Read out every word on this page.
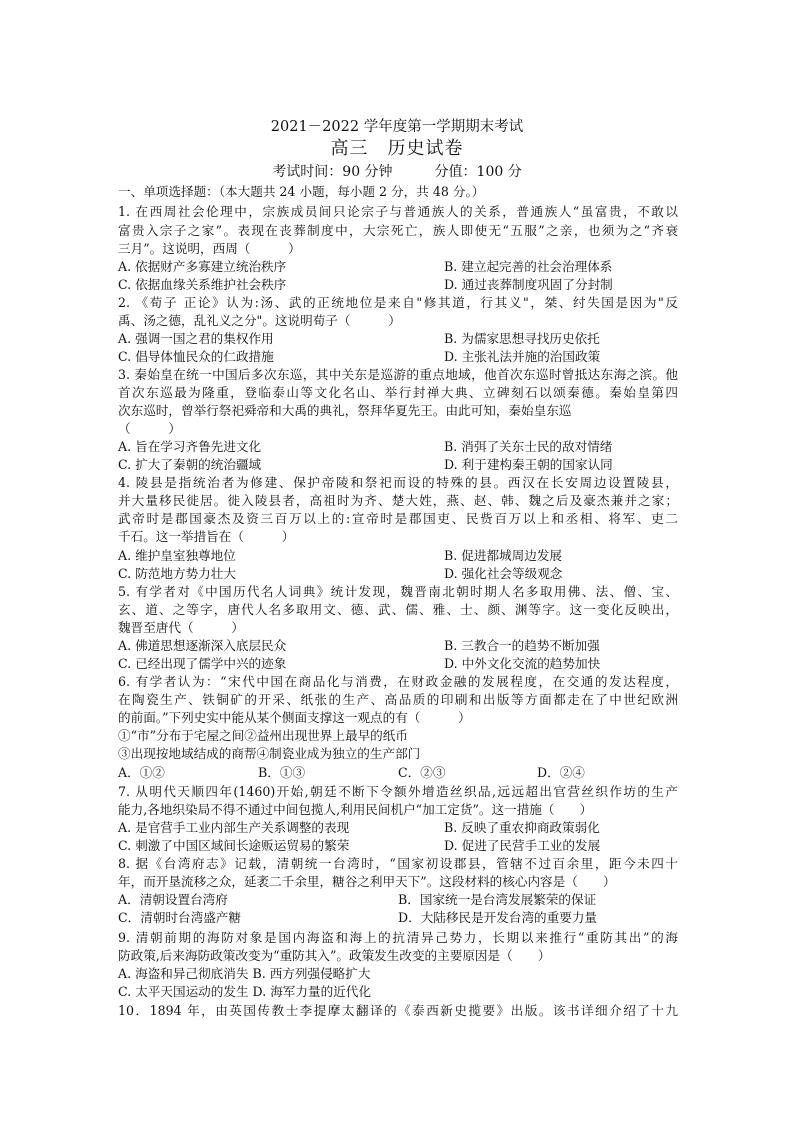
2021－2022 学年度第一学期期末考试
高三　历史试卷
考试时间：90 分钟　　　分值：100 分
一、单项选择题：（本大题共 24 小题，每小题 2 分，共 48 分。）
1. 在西周社会伦理中，宗族成员间只论宗子与普通族人的关系，普通族人“虽富贵，不敢以
富贵入宗子之家”。表现在丧葬制度中，大宗死亡，族人即使无“五服”之亲，也须为之“齐衰
三月”。这说明，西周（　　　）
A. 依据财产多寡建立统治秩序	B. 建立起完善的社会治理体系
C. 依据血缘关系维护社会秩序	D. 通过丧葬制度巩固了分封制
2. 《荀子 正论》认为:汤、武的正统地位是来自"修其道，行其义"，桀、纣失国是因为"反
禹、汤之德，乱礼义之分"。这说明荀子（　　　）
A. 强调一国之君的集权作用	B. 为儒家思想寻找历史依托
C. 倡导体恤民众的仁政措施	D. 主张礼法并施的治国政策
3. 秦始皇在统一中国后多次东巡，其中关东是巡游的重点地域，他首次东巡时曾抵达东海之滨。他
首次东巡最为隆重，登临泰山等文化名山、举行封禅大典、立碑刻石以颂秦德。秦始皇第四
次东巡时，曾举行祭祀舜帝和大禹的典礼，祭拜华夏先王。由此可知，秦始皇东巡
（　　　）
A. 旨在学习齐鲁先进文化	B. 消弭了关东士民的敌对情绪
C. 扩大了秦朝的统治疆域	D. 利于建构秦王朝的国家认同
4. 陵县是指统治者为修建、保护帝陵和祭祀而设的特殊的县。西汉在长安周边设置陵县，
并大量移民徙居。徙入陵县者，高祖时为齐、楚大姓，燕、赵、韩、魏之后及豪杰兼并之家；
武帝时是郡国豪杰及资三百万以上的:宣帝时是郡国吏、民赀百万以上和丞相、将军、吏二
千石。这一举措旨在（　　　）
A. 维护皇室独尊地位	B. 促进都城周边发展
C. 防范地方势力壮大	D. 强化社会等级观念
5. 有学者对《中国历代名人词典》统计发现，魏晋南北朝时期人名多取用佛、法、僧、宝、
玄、道、之等字，唐代人名多取用文、德、武、儒、雅、士、颜、渊等字。这一变化反映出，
魏晋至唐代（　　　）
A. 佛道思想逐渐深入底层民众	B. 三教合一的趋势不断加强
C. 已经出现了儒学中兴的迹象	D. 中外文化交流的趋势加快
6. 有学者认为：“宋代中国在商品化与消费，在财政金融的发展程度，在交通的发达程度，
在陶瓷生产、铁铜矿的开采、纸张的生产、高品质的印刷和出版等方面都走在了中世纪欧洲
的前面。”下列史实中能从某个侧面支撑这一观点的有（　　　）
①“市”分布于宅屋之间②益州出现世界上最早的纸币
③出现按地域结成的商帮④制瓷业成为独立的生产部门
A．①②	B．①③	C．②③	D．②④
7. 从明代天顺四年(1460)开始,朝廷不断下令额外增造丝织品,远远超出官营丝织作坊的生产
能力,各地织染局不得不通过中间包揽人,利用民间机户“加工定货”。这一措施（　　）
A. 是官营手工业内部生产关系调整的表现	B. 反映了重农抑商政策弱化
C. 刺激了中国区域间长途贩运贸易的繁荣	D. 促进了民营手工业的发展
8. 据《台湾府志》记载，清朝统一台湾时，“国家初设郡县，管辖不过百余里，距今未四十
年，而开垦流移之众，延袤二千余里，糖谷之利甲天下”。这段材料的核心内容是（　　）
A．清朝设置台湾府	B．国家统一是台湾发展繁荣的保证
C．清朝时台湾盛产糖	D．大陆移民是开发台湾的重要力量
9. 清朝前期的海防对象是国内海盗和海上的抗清异己势力，长期以来推行“重防其出”的海
防政策,后来海防政策改变为“重防其入”。政策发生改变的主要原因是（　　）
A. 海盗和异己彻底消失 B. 西方列强侵略扩大
C. 太平天国运动的发生 D. 海军力量的近代化
10．1894 年，由英国传教士李提摩太翻译的《泰西新史揽要》出版。该书详细介绍了十九
